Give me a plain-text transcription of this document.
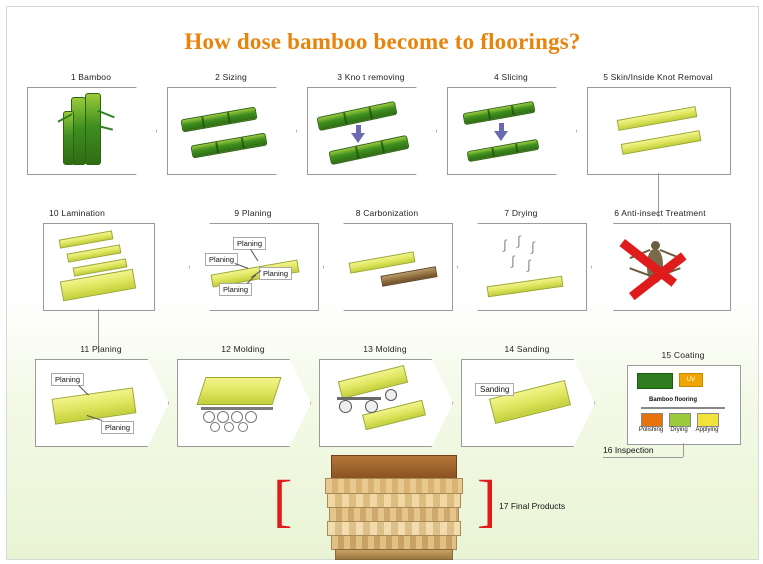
How dose bamboo become to floorings?
1 Bamboo	2 Sizing	3 Kno t removing	4 Slicing	5 Skin/Inside Knot Removal
6 Anti-insect Treatment
7 Drying
∫ ∫ ∫
∫ ∫
8 Carbonization
9 Planing
Planing
Planing
Planing
Planing
10 Lamination
11 Planing
Planing
Planing
12 Molding	13 Molding	14 Sanding
Sanding
15 Coating
UV
Bamboo flooring
Polishing	Drying	Applying
16 Inspection
[	] 17 Final Products
